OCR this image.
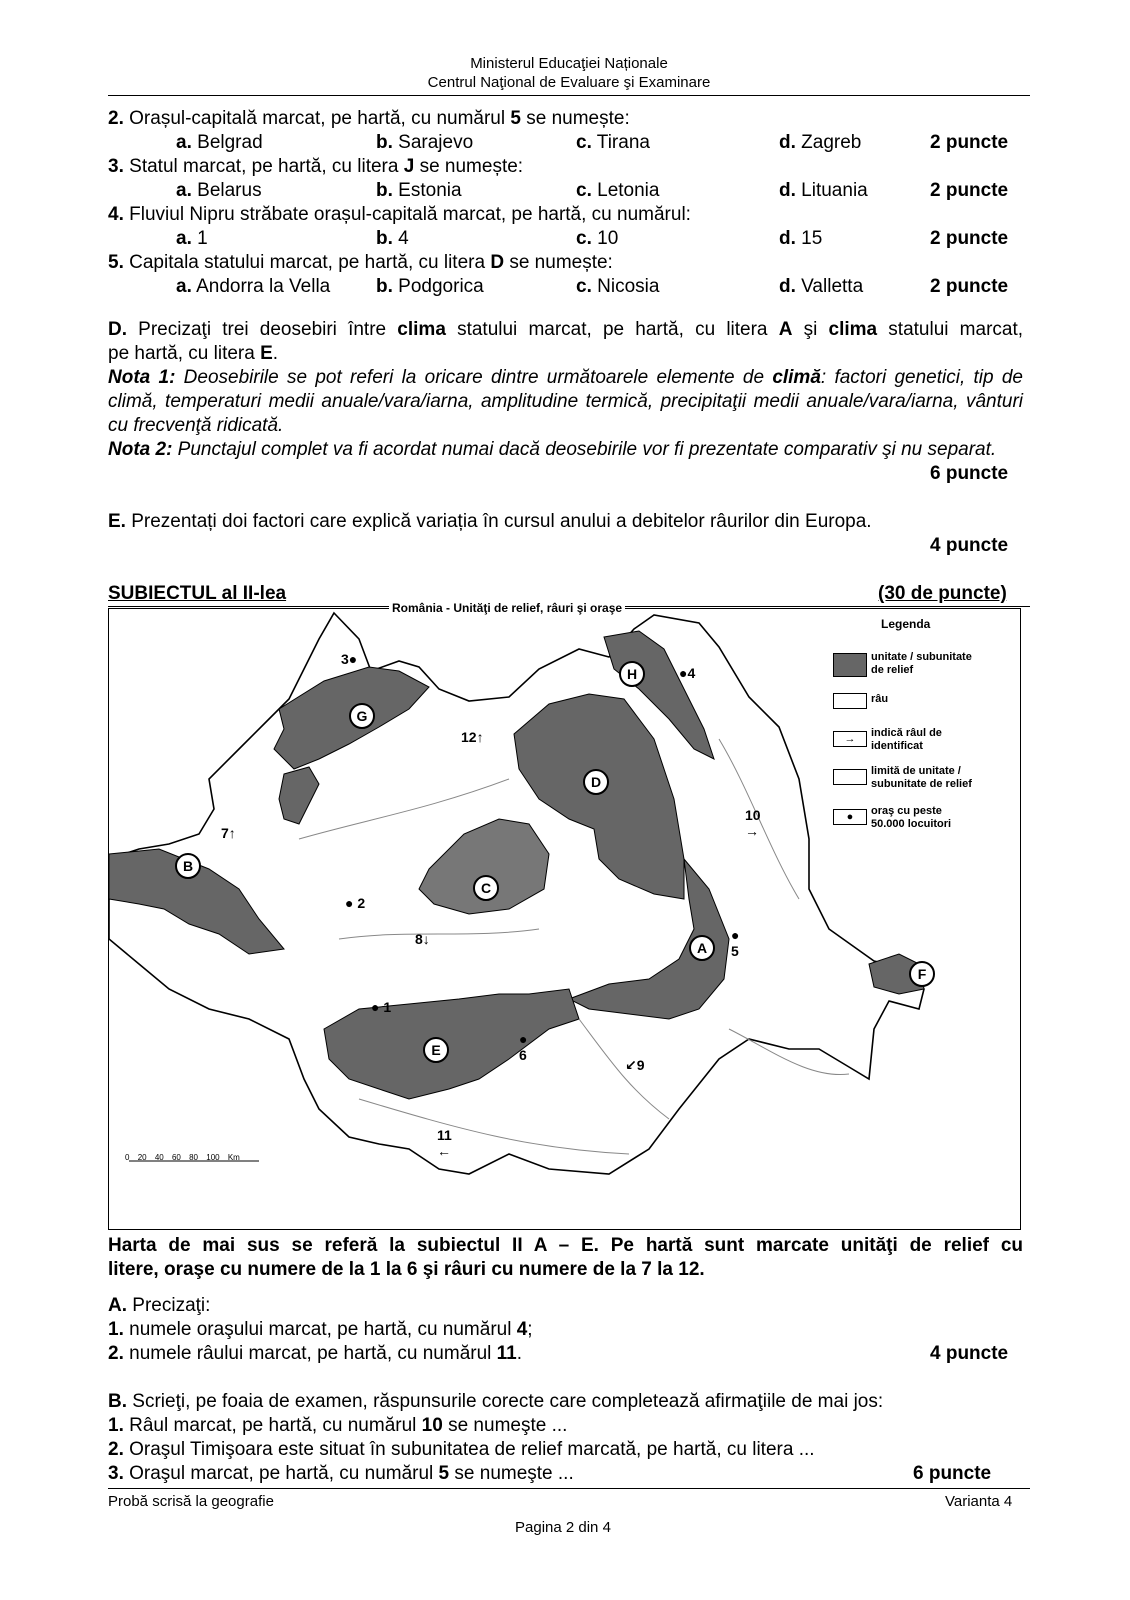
Ministerul Educaţiei Naționale
Centrul Naţional de Evaluare şi Examinare
2. Orașul-capitală marcat, pe hartă, cu numărul 5 se numește:
a. Belgrad	b. Sarajevo	c. Tirana	d. Zagreb	2 puncte
3. Statul marcat, pe hartă, cu litera J se numește:
a. Belarus	b. Estonia	c. Letonia	d. Lituania	2 puncte
4. Fluviul Nipru străbate orașul-capitală marcat, pe hartă, cu numărul:
a. 1	b. 4	c. 10	d. 15	2 puncte
5. Capitala statului marcat, pe hartă, cu litera D se numește:
a. Andorra la Vella b. Podgorica	c. Nicosia	d. Valletta	2 puncte
D. Precizaţi trei deosebiri între clima statului marcat, pe hartă, cu litera A şi clima statului marcat,
pe hartă, cu litera E.
Nota 1: Deosebirile se pot referi la oricare dintre următoarele elemente de climă: factori genetici, tip de climă, temperaturi medii anuale/vara/iarna, amplitudine termică, precipitaţii medii anuale/vara/iarna, vânturi cu frecvenţă ridicată.
Nota 2: Punctajul complet va fi acordat numai dacă deosebirile vor fi prezentate comparativ şi nu separat.
6 puncte
E. Prezentați doi factori care explică variația în cursul anului a debitelor râurilor din Europa.
4 puncte
SUBIECTUL al II-lea	(30 de puncte)
România - Unităţi de relief, râuri şi oraşe
G
H
D
C
B
A
F
E
● 1
● 2
3●
●4
●
5
●
6
7↑
8↓
↙9
10
→
11
←
12↑
0 20 40 60 80 100 Km
Legenda
unitate / subunitate
de relief
râu
→	indică râul de
identificat
limită de unitate /
subunitate de relief
●	oraş cu peste
50.000 locuitori
Harta de mai sus se referă la subiectul II A – E. Pe hartă sunt marcate unităţi de relief cu
litere, oraşe cu numere de la 1 la 6 şi râuri cu numere de la 7 la 12.
A. Precizaţi:
1. numele oraşului marcat, pe hartă, cu numărul 4;
2. numele râului marcat, pe hartă, cu numărul 11.	4 puncte
B. Scrieţi, pe foaia de examen, răspunsurile corecte care completează afirmaţiile de mai jos:
1. Râul marcat, pe hartă, cu numărul 10 se numeşte ...
2. Oraşul Timişoara este situat în subunitatea de relief marcată, pe hartă, cu litera ...
3. Oraşul marcat, pe hartă, cu numărul 5 se numeşte ...	6 puncte
Probă scrisă la geografie	Varianta 4
Pagina 2 din 4
